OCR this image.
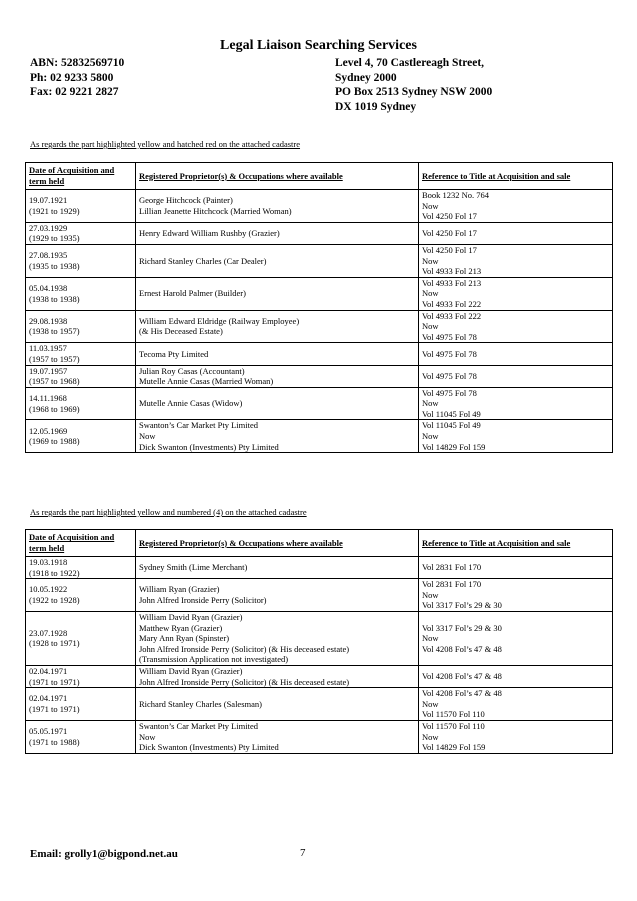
Legal Liaison Searching Services
ABN: 52832569710
Ph: 02 9233 5800
Fax: 02 9221 2827
Level 4, 70 Castlereagh Street,
Sydney 2000
PO Box 2513 Sydney NSW 2000
DX 1019 Sydney
As regards the part highlighted yellow and hatched red on the attached cadastre
Date of Acquisition and term held	Registered Proprietor(s) & Occupations where available	Reference to Title at Acquisition and sale

19.07.1921
(1921 to 1929)	George Hitchcock (Painter)
Lillian Jeanette Hitchcock (Married Woman)	Book 1232 No. 764
Now
Vol 4250 Fol 17

27.03.1929
(1929 to 1935)	Henry Edward William Rushby (Grazier)	Vol 4250 Fol 17

27.08.1935
(1935 to 1938)	Richard Stanley Charles (Car Dealer)	Vol 4250 Fol 17
Now
Vol 4933 Fol 213

05.04.1938
(1938 to 1938)	Ernest Harold Palmer (Builder)	Vol 4933 Fol 213
Now
Vol 4933 Fol 222

29.08.1938
(1938 to 1957)	William Edward Eldridge (Railway Employee)
(& His Deceased Estate)	Vol 4933 Fol 222
Now
Vol 4975 Fol 78

11.03.1957
(1957 to 1957)	Tecoma Pty Limited	Vol 4975 Fol 78

19.07.1957
(1957 to 1968)	Julian Roy Casas (Accountant)
Mutelle Annie Casas (Married Woman)	Vol 4975 Fol 78

14.11.1968
(1968 to 1969)	Mutelle Annie Casas (Widow)	Vol 4975 Fol 78
Now
Vol 11045 Fol 49

12.05.1969
(1969 to 1988)	Swanton’s Car Market Pty Limited
Now
Dick Swanton (Investments) Pty Limited	Vol 11045 Fol 49
Now
Vol 14829 Fol 159
As regards the part highlighted yellow and numbered (4) on the attached cadastre
Date of Acquisition and term held	Registered Proprietor(s) & Occupations where available	Reference to Title at Acquisition and sale

19.03.1918
(1918 to 1922)	Sydney Smith (Lime Merchant)	Vol 2831 Fol 170

10.05.1922
(1922 to 1928)	William Ryan (Grazier)
John Alfred Ironside Perry (Solicitor)	Vol 2831 Fol 170
Now
Vol 3317 Fol’s 29 & 30

23.07.1928
(1928 to 1971)	William David Ryan (Grazier)
Matthew Ryan (Grazier)
Mary Ann Ryan (Spinster)
John Alfred Ironside Perry (Solicitor) (& His deceased estate)
(Transmission Application not investigated)	Vol 3317 Fol’s 29 & 30
Now
Vol 4208 Fol’s 47 & 48

02.04.1971
(1971 to 1971)	William David Ryan (Grazier)
John Alfred Ironside Perry (Solicitor) (& His deceased estate)	Vol 4208 Fol’s 47 & 48

02.04.1971
(1971 to 1971)	Richard Stanley Charles (Salesman)	Vol 4208 Fol’s 47 & 48
Now
Vol 11570 Fol 110

05.05.1971
(1971 to 1988)	Swanton’s Car Market Pty Limited
Now
Dick Swanton (Investments) Pty Limited	Vol 11570 Fol 110
Now
Vol 14829 Fol 159
Email: grolly1@bigpond.net.au	7
